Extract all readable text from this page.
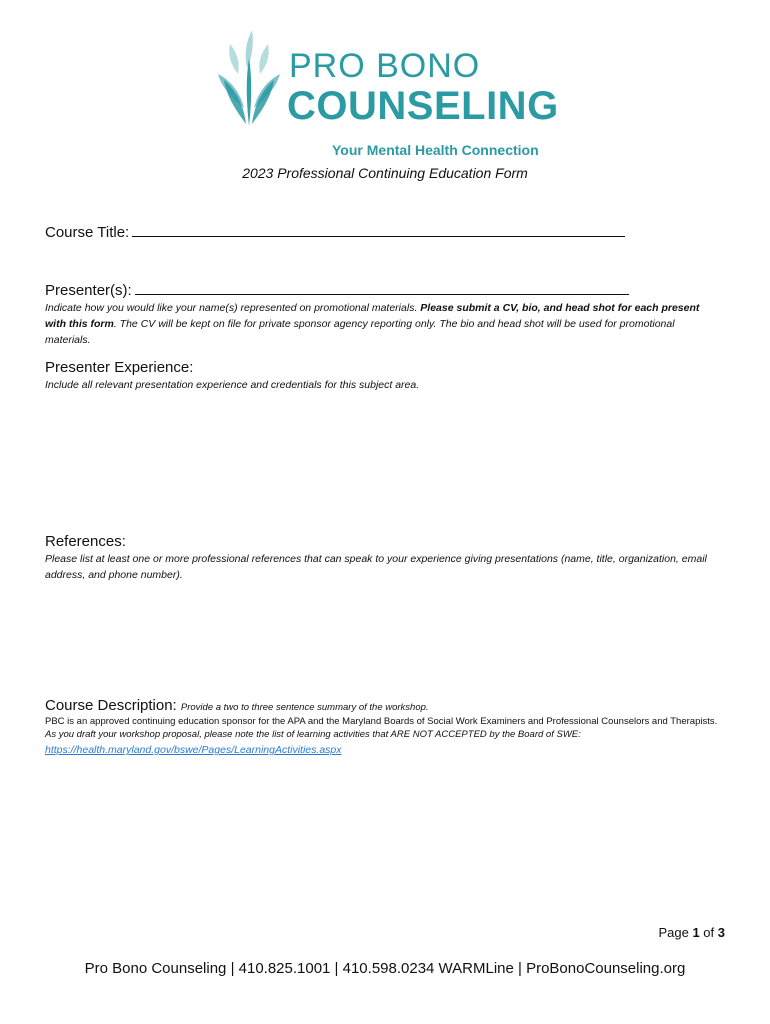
PRO BONO
COUNSELING
Your Mental Health Connection
2023 Professional Continuing Education Form
Course Title:
Presenter(s):
Indicate how you would like your name(s) represented on promotional materials. Please submit a CV, bio, and head shot for each present with this form. The CV will be kept on file for private sponsor agency reporting only. The bio and head shot will be used for promotional materials.
Presenter Experience:
Include all relevant presentation experience and credentials for this subject area.
References:
Please list at least one or more professional references that can speak to your experience giving presentations (name, title, organization, email address, and phone number).
Course Description: Provide a two to three sentence summary of the workshop.
PBC is an approved continuing education sponsor for the APA and the Maryland Boards of Social Work Examiners and Professional Counselors and Therapists. As you draft your workshop proposal, please note the list of learning activities that ARE NOT ACCEPTED by the Board of SWE:
https://health.maryland.gov/bswe/Pages/LearningActivities.aspx
Page 1 of 3
Pro Bono Counseling | 410.825.1001 | 410.598.0234 WARMLine | ProBonoCounseling.org
